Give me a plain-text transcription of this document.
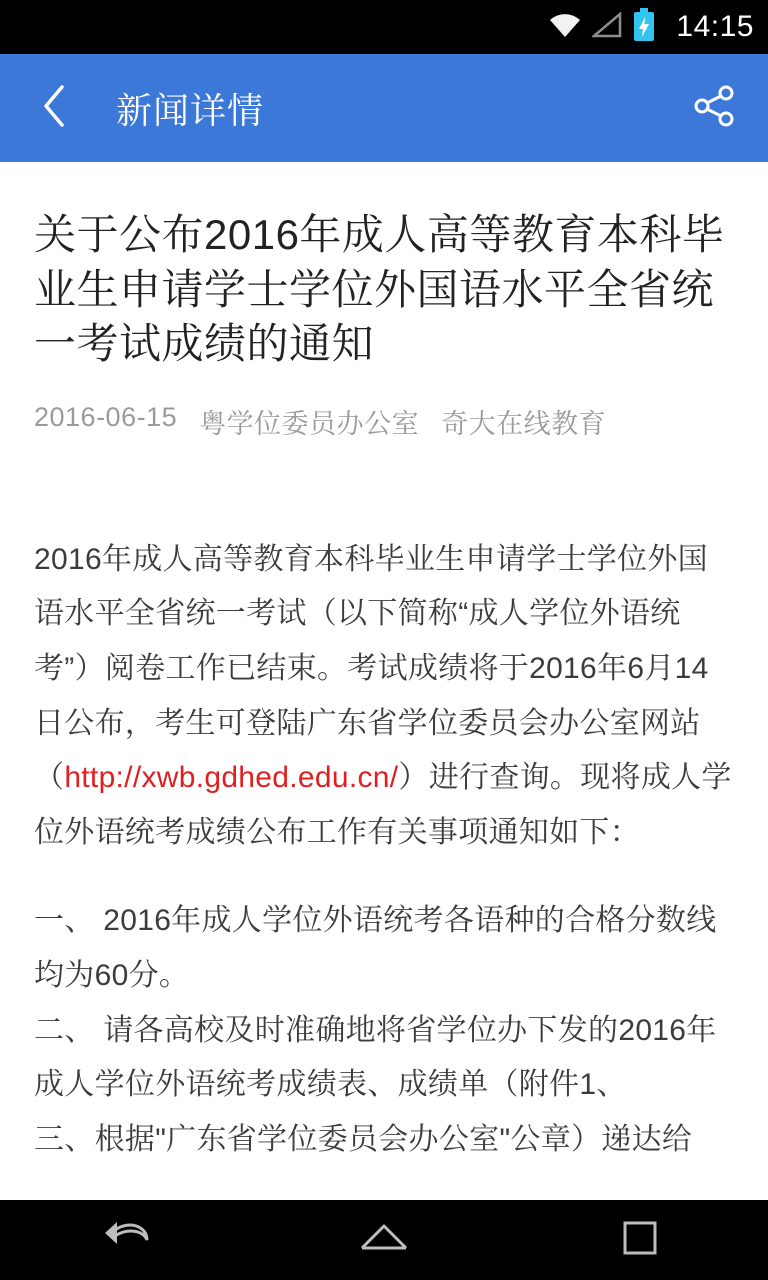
14:15
新闻详情
关于公布2016年成人高等教育本科毕业生申请学士学位外国语水平全省统一考试成绩的通知
2016-06-15 粤学位委员办公室 奇大在线教育

2016年成人高等教育本科毕业生申请学士学位外国语水平全省统一考试（以下简称“成人学位外语统考”）阅卷工作已结束。考试成绩将于2016年6月14日公布，考生可登陆广东省学位委员会办公室网站（http://xwb.gdhed.edu.cn/）进行查询。现将成人学位外语统考成绩公布工作有关事项通知如下：

一、 2016年成人学位外语统考各语种的合格分数线均为60分。

二、 请各高校及时准确地将省学位办下发的2016年成人学位外语统考成绩表、成绩单（附件1、

三、根据"广东省学位委员会办公室"公章）递达给
